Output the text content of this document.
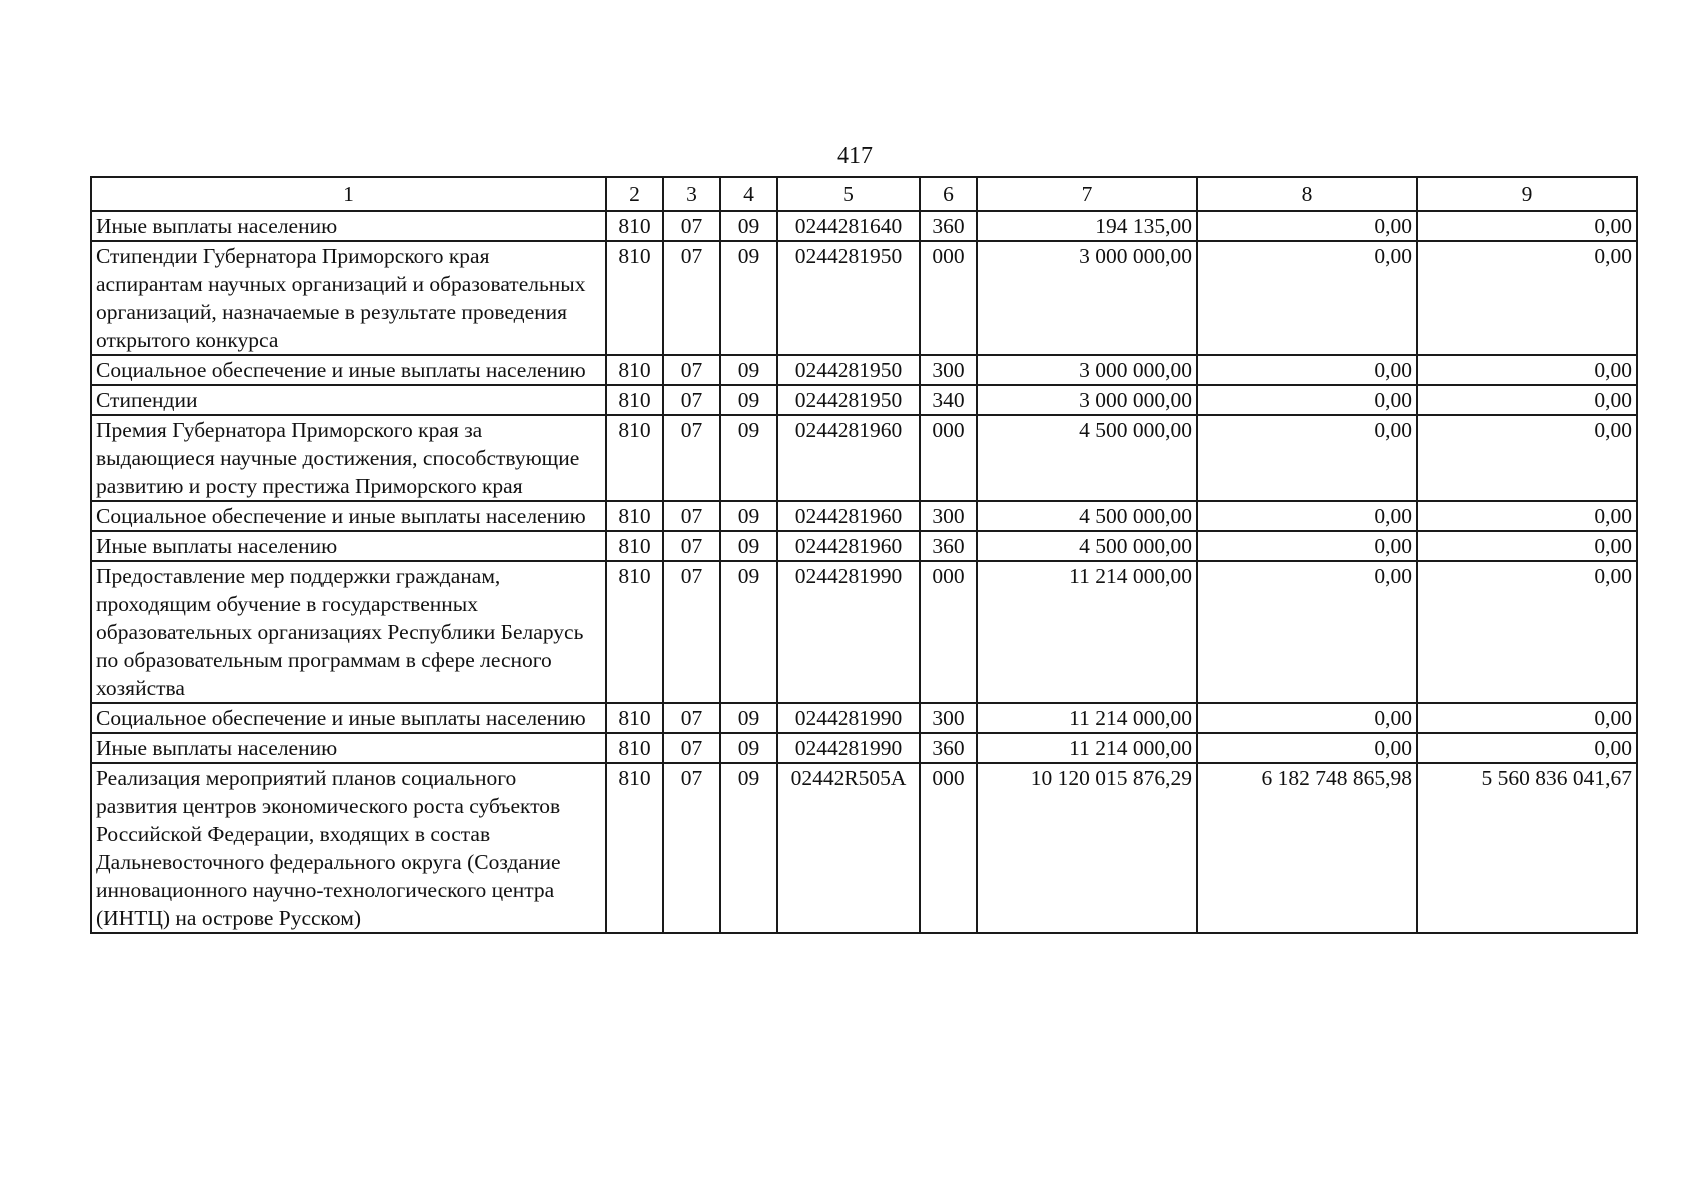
417
1	2	3	4	5	6	7	8	9
Иные выплаты населению	810	07	09	0244281640	360	194 135,00	0,00	0,00
Стипендии Губернатора Приморского края аспирантам научных организаций и образовательных организаций, назначаемые в результате проведения открытого конкурса	810	07	09	0244281950	000	3 000 000,00	0,00	0,00
Социальное обеспечение и иные выплаты населению	810	07	09	0244281950	300	3 000 000,00	0,00	0,00
Стипендии	810	07	09	0244281950	340	3 000 000,00	0,00	0,00
Премия Губернатора Приморского края за выдающиеся научные достижения, способствующие развитию и росту престижа Приморского края	810	07	09	0244281960	000	4 500 000,00	0,00	0,00
Социальное обеспечение и иные выплаты населению	810	07	09	0244281960	300	4 500 000,00	0,00	0,00
Иные выплаты населению	810	07	09	0244281960	360	4 500 000,00	0,00	0,00
Предоставление мер поддержки гражданам, проходящим обучение в государственных образовательных организациях Республики Беларусь по образовательным программам в сфере лесного хозяйства	810	07	09	0244281990	000	11 214 000,00	0,00	0,00
Социальное обеспечение и иные выплаты населению	810	07	09	0244281990	300	11 214 000,00	0,00	0,00
Иные выплаты населению	810	07	09	0244281990	360	11 214 000,00	0,00	0,00
Реализация мероприятий планов социального развития центров экономического роста субъектов Российской Федерации, входящих в состав Дальневосточного федерального округа (Создание инновационного научно-технологического центра (ИНТЦ) на острове Русском)	810	07	09	02442R505A	000	10 120 015 876,29	6 182 748 865,98	5 560 836 041,67
